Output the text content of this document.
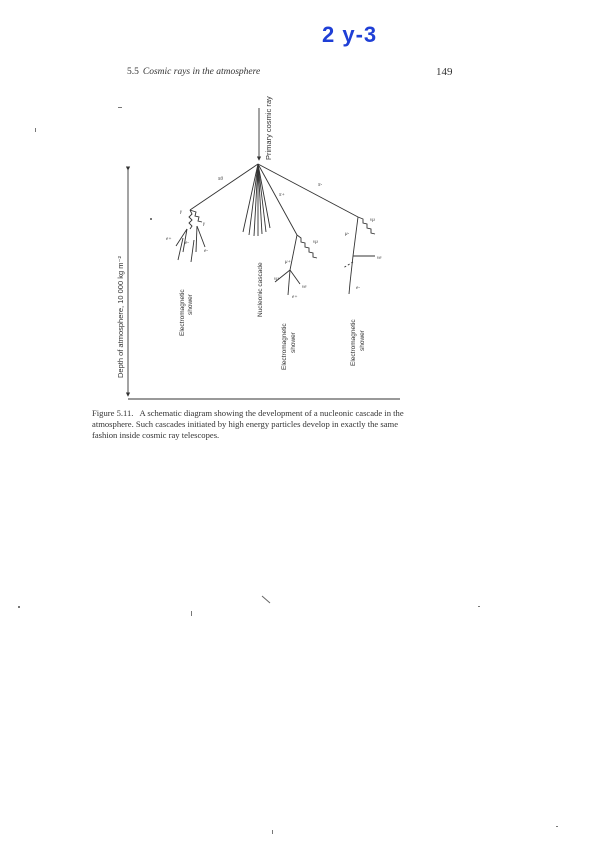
2 y-3
5.5 Cosmic rays in the atmosphere	149
Primary cosmic ray
Depth of atmosphere, 10 000 kg m⁻²	Electromagnetic shower	Nucleonic cascade
Electromagnetic shower	Electromagnetic shower
π0
π+
π-
γ
γ
e+
e-
e-
νμ
μ+
νμ
νe
e+
νμ
μ-
νe
e-
Figure 5.11. A schematic diagram showing the development of a nucleonic cascade in the atmosphere. Such cascades initiated by high energy particles develop in exactly the same fashion inside cosmic ray telescopes.
